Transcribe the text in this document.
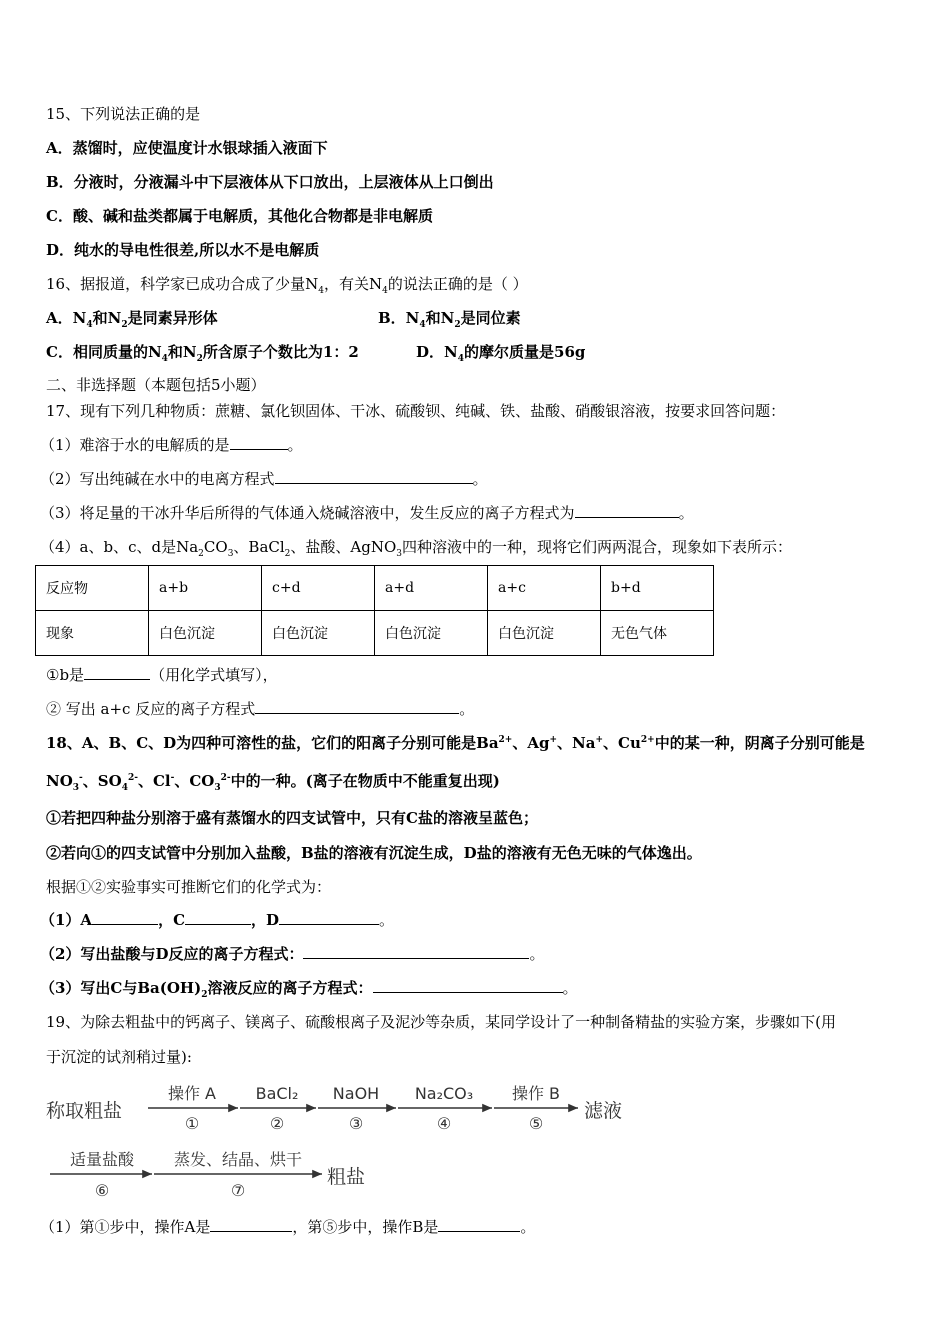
15、下列说法正确的是
A．蒸馏时，应使温度计水银球插入液面下
B．分液时，分液漏斗中下层液体从下口放出，上层液体从上口倒出
C．酸、碱和盐类都属于电解质，其他化合物都是非电解质
D．纯水的导电性很差,所以水不是电解质
16、据报道，科学家已成功合成了少量$N_4$，有关$N_4$的说法正确的是（ ）
A．$N_4$和$N_2$是同素异形体	B．$N_4$和$N_2$是同位素
C．相同质量的$N_4$和$N_2$所含原子个数比为1：2	D．$N_4$的摩尔质量是56g
二、非选择题（本题包括5小题）
17、现有下列几种物质：蔗糖、氯化钡固体、干冰、硫酸钡、纯碱、铁、盐酸、硝酸银溶液，按要求回答问题：
（1）难溶于水的电解质的是	。
（2）写出纯碱在水中的电离方程式	。
（3）将足量的干冰升华后所得的气体通入烧碱溶液中，发生反应的离子方程式为	。
（4）a、b、c、d是$Na_2CO_3$、BaCl$_2$、盐酸、AgNO$_3$四种溶液中的一种，现将它们两两混合，现象如下表所示：
反应物	a+b	c+d	a+d	a+c	b+d
现象	白色沉淀	白色沉淀	白色沉淀	白色沉淀	无色气体
①b是	（用化学式填写），
② 写出 a+c 反应的离子方程式	。
18、A、B、C、D为四种可溶性的盐，它们的阳离子分别可能是$Ba^{2+}$、Ag+、Na+、$Cu^{2+}$中的某一种，阴离子分别可能是
$NO_3^-$、$SO_4^{2-}$、Cl-、$CO_3^{2-}$中的一种。(离子在物质中不能重复出现)
①若把四种盐分别溶于盛有蒸馏水的四支试管中，只有C盐的溶液呈蓝色；
②若向①的四支试管中分别加入盐酸，B盐的溶液有沉淀生成，D盐的溶液有无色无味的气体逸出。
根据①②实验事实可推断它们的化学式为：
（1）A	，C	，D	。
（2）写出盐酸与D反应的离子方程式：	。
（3）写出C与$Ba(OH)_2$溶液反应的离子方程式：	。
19、为除去粗盐中的钙离子、镁离子、硫酸根离子及泥沙等杂质，某同学设计了一种制备精盐的实验方案，步骤如下(用
于沉淀的试剂稍过量):
称取粗盐	滤液
粗盐
操作 A BaCl₂ NaOH Na₂CO₃ 操作 B
适量盐酸 蒸发、结晶、烘干
①	②	③	④	⑤
⑥	⑦
（1）第①步中，操作A是	，第⑤步中，操作B是	。
